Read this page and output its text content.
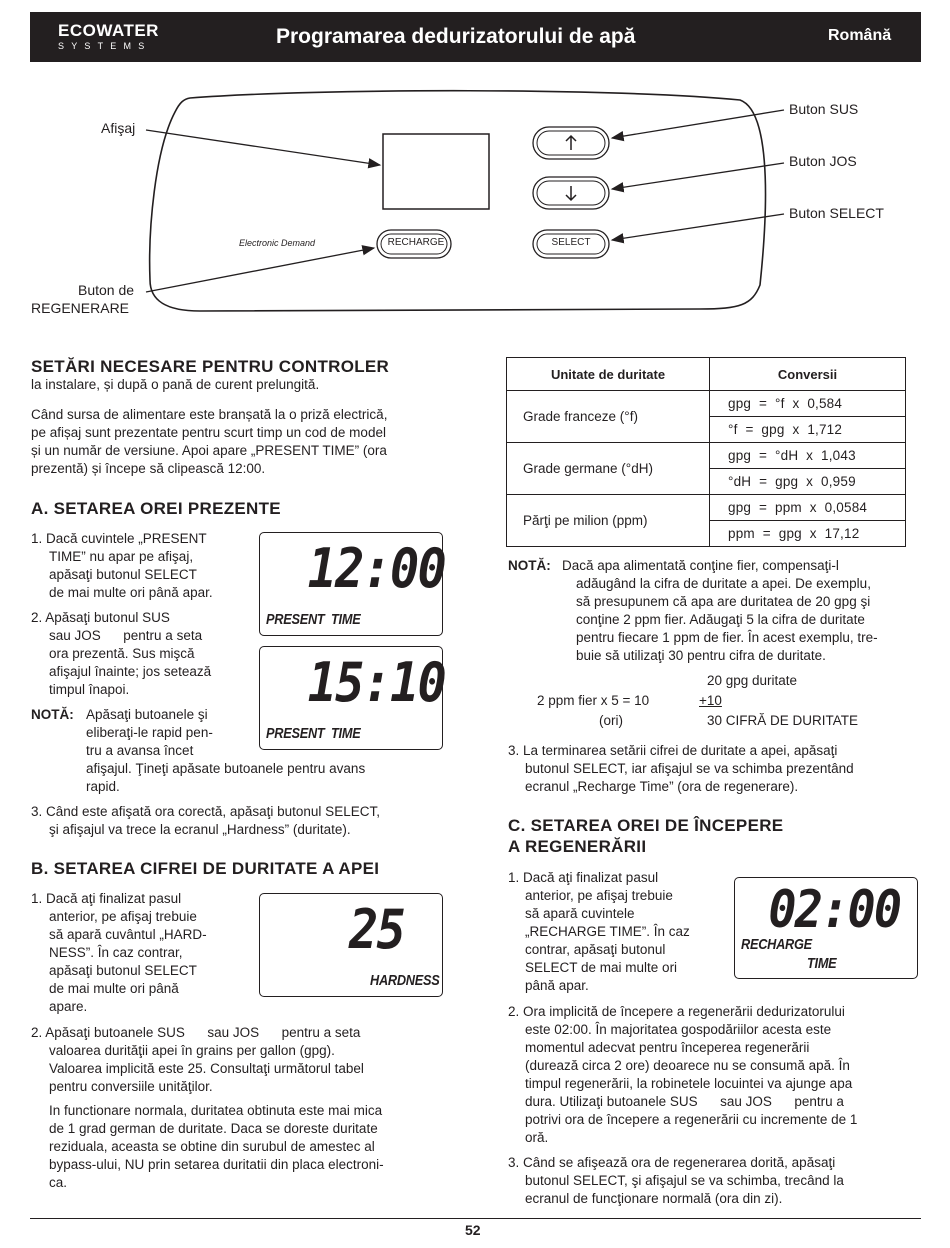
ECOWATER
SYSTEMS	Programarea dedurizatorului de apă	Română
RECHARGE	SELECT
Electronic Demand
Afişaj
Buton SUS
Buton JOS
Buton SELECT
Buton de
REGENERARE
SETĂRI NECESARE PENTRU CONTROLER
la instalare, și după o pană de curent prelungită.
Când sursa de alimentare este branșată la o priză electrică,
pe afișaj sunt prezentate pentru scurt timp un cod de model
și un număr de versiune. Apoi apare „PRESENT TIME” (ora
prezentă) și începe să clipească 12:00.
A. SETAREA OREI PREZENTE
1. Dacă cuvintele „PRESENT
TIME” nu apar pe afişaj,
apăsaţi butonul SELECT
de mai multe ori până apar.
2. Apăsaţi butonul SUS
sau JOS      pentru a seta
ora prezentă. Sus mişcă
afişajul înainte; jos setează
timpul înapoi.
NOTĂ: Apăsaţi butoanele şi
eliberaţi-le rapid pen-
tru a avansa încet
afişajul. Ţineţi apăsate butoanele pentru avans
rapid.
3. Când este afişată ora corectă, apăsaţi butonul SELECT,
şi afişajul va trece la ecranul „Hardness” (duritate).
12:00
PRESENT  TIME
15:10
PRESENT  TIME
B. SETAREA CIFREI DE DURITATE A APEI
1. Dacă aţi finalizat pasul
anterior, pe afişaj trebuie
să apară cuvântul „HARD-
NESS”. În caz contrar,
apăsaţi butonul SELECT
de mai multe ori până
apare.
25
HARDNESS
2. Apăsaţi butoanele SUS      sau JOS      pentru a seta
valoarea durităţii apei în grains per gallon (gpg).
Valoarea implicită este 25. Consultaţi următorul tabel
pentru conversiile unităţilor.
In functionare normala, duritatea obtinuta este mai mica
de 1 grad german de duritate. Daca se doreste duritate
reziduala, aceasta se obtine din surubul de amestec al
bypass-ului, NU prin setarea duritatii din placa electroni-
ca.
Unitate de duritate	Conversii
Grade franceze (°f)	gpg  =  °f  x  0,584
	°f  =  gpg  x  1,712
Grade germane (°dH)	gpg  =  °dH  x  1,043
	°dH  =  gpg  x  0,959
Părţi pe milion (ppm)	gpg  =  ppm  x  0,0584
	ppm  =  gpg  x  17,12
NOTĂ: Dacă apa alimentată conţine fier, compensaţi-l
adăugând la cifra de duritate a apei. De exemplu,
să presupunem că apa are duritatea de 20 gpg şi
conţine 2 ppm fier. Adăugaţi 5 la cifra de duritate
pentru fiecare 1 ppm de fier. În acest exemplu, tre-
buie să utilizaţi 30 pentru cifra de duritate.
20 gpg duritate
2 ppm fier x 5 = 10	+10
(ori)	30 CIFRĂ DE DURITATE
3. La terminarea setării cifrei de duritate a apei, apăsaţi
butonul SELECT, iar afişajul se va schimba prezentând
ecranul „Recharge Time” (ora de regenerare).
C. SETAREA OREI DE ÎNCEPERE
A REGENERĂRII
1. Dacă aţi finalizat pasul
anterior, pe afişaj trebuie
să apară cuvintele
„RECHARGE TIME”. În caz
contrar, apăsaţi butonul
SELECT de mai multe ori
până apar.
02:00
RECHARGE
TIME
2. Ora implicită de începere a regenerării dedurizatorului
este 02:00. În majoritatea gospodăriilor acesta este
momentul adecvat pentru începerea regenerării
(durează circa 2 ore) deoarece nu se consumă apă. În
timpul regenerării, la robinetele locuintei va ajunge apa
dura. Utilizaţi butoanele SUS      sau JOS      pentru a
potrivi ora de începere a regenerării cu incremente de 1
oră.
3. Când se afişează ora de regenerarea dorită, apăsaţi
butonul SELECT, şi afişajul se va schimba, trecând la
ecranul de funcţionare normală (ora din zi).
52
